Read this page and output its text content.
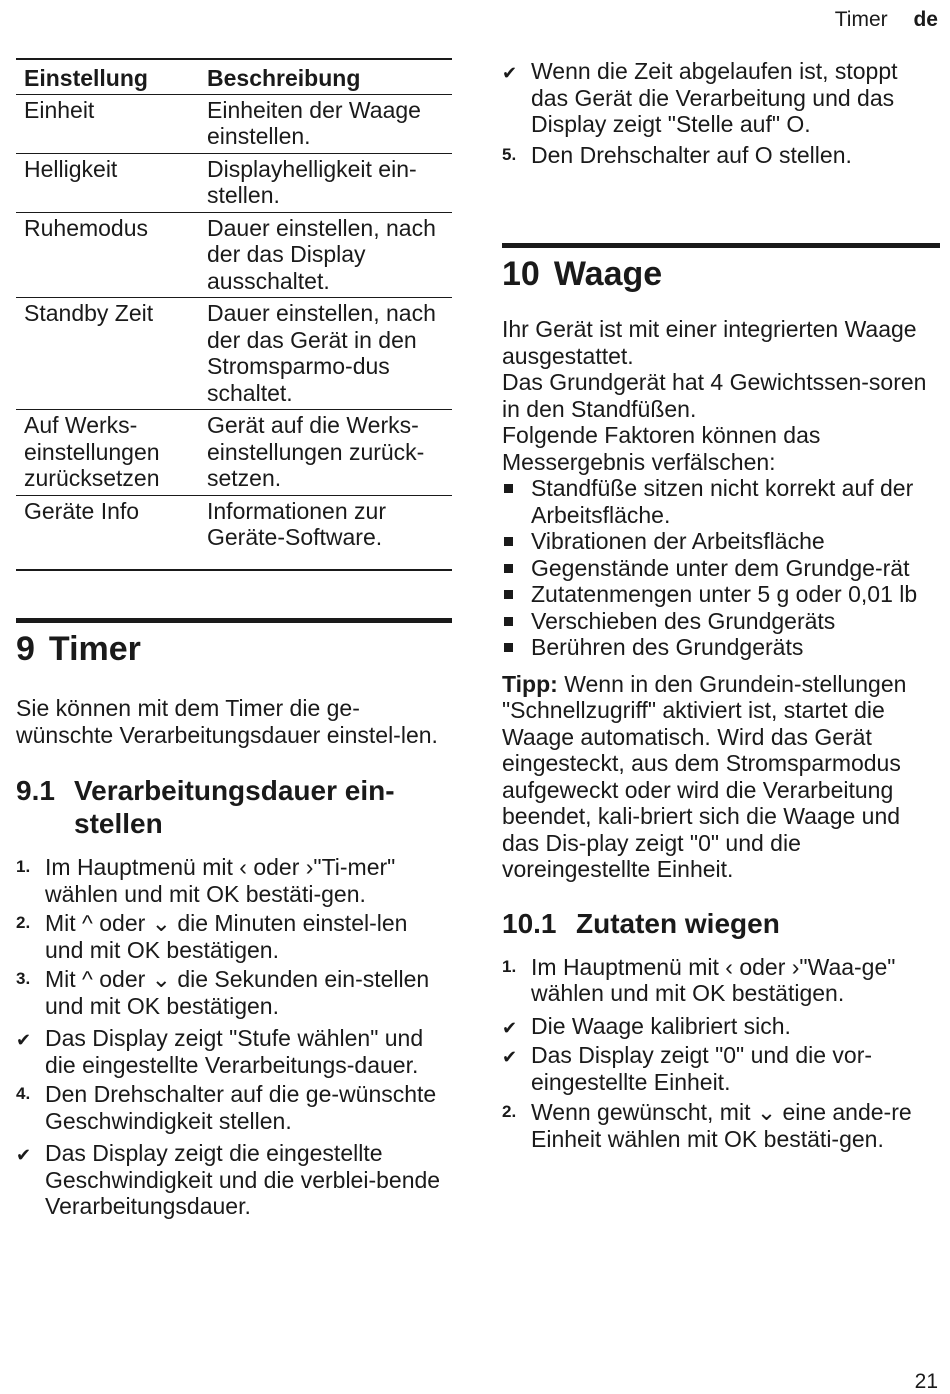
Timer de
Einstellung	Beschreibung
Einheit	Einheiten der Waage einstellen.
Helligkeit	Displayhelligkeit ein-stellen.
Ruhemodus	Dauer einstellen, nach der das Display ausschaltet.
Standby Zeit	Dauer einstellen, nach der das Gerät in den Stromsparmo-dus schaltet.
Auf Werks-einstellungen zurücksetzen	Gerät auf die Werks-einstellungen zurück-setzen.
Geräte Info	Informationen zur Geräte-Software.
9 Timer

Sie können mit dem Timer die ge-wünschte Verarbeitungsdauer einstel-len.

9.1 Verarbeitungsdauer ein-stellen
1. Im Hauptmenü mit ‹ oder ›"Ti-mer" wählen und mit OK bestäti-gen.
2. Mit ^ oder ⌄ die Minuten einstel-len und mit OK bestätigen.
3. Mit ^ oder ⌄ die Sekunden ein-stellen und mit OK bestätigen.
✔ Das Display zeigt "Stufe wählen" und die eingestellte Verarbeitungs-dauer.
4. Den Drehschalter auf die ge-wünschte Geschwindigkeit stellen.
✔ Das Display zeigt die eingestellte Geschwindigkeit und die verblei-bende Verarbeitungsdauer.
✔ Wenn die Zeit abgelaufen ist, stoppt das Gerät die Verarbeitung und das Display zeigt "Stelle auf" O.
5. Den Drehschalter auf O stellen.
10 Waage

Ihr Gerät ist mit einer integrierten Waage ausgestattet.

Das Grundgerät hat 4 Gewichtssen-soren in den Standfüßen.

Folgende Faktoren können das Messergebnis verfälschen:

Standfüße sitzen nicht korrekt auf der Arbeitsfläche.
Vibrationen der Arbeitsfläche
Gegenstände unter dem Grundge-rät
Zutatenmengen unter 5 g oder 0,01 lb
Verschieben des Grundgeräts
Berühren des Grundgeräts

Tipp: Wenn in den Grundein-stellungen "Schnellzugriff" aktiviert ist, startet die Waage automatisch. Wird das Gerät eingesteckt, aus dem Stromsparmodus aufgeweckt oder wird die Verarbeitung beendet, kali-briert sich die Waage und das Dis-play zeigt "0" und die voreingestellte Einheit.

10.1 Zutaten wiegen
1. Im Hauptmenü mit ‹ oder ›"Waa-ge" wählen und mit OK bestätigen.
✔ Die Waage kalibriert sich.
✔ Das Display zeigt "0" und die vor-eingestellte Einheit.
2. Wenn gewünscht, mit ⌄ eine ande-re Einheit wählen mit OK bestäti-gen.
21
